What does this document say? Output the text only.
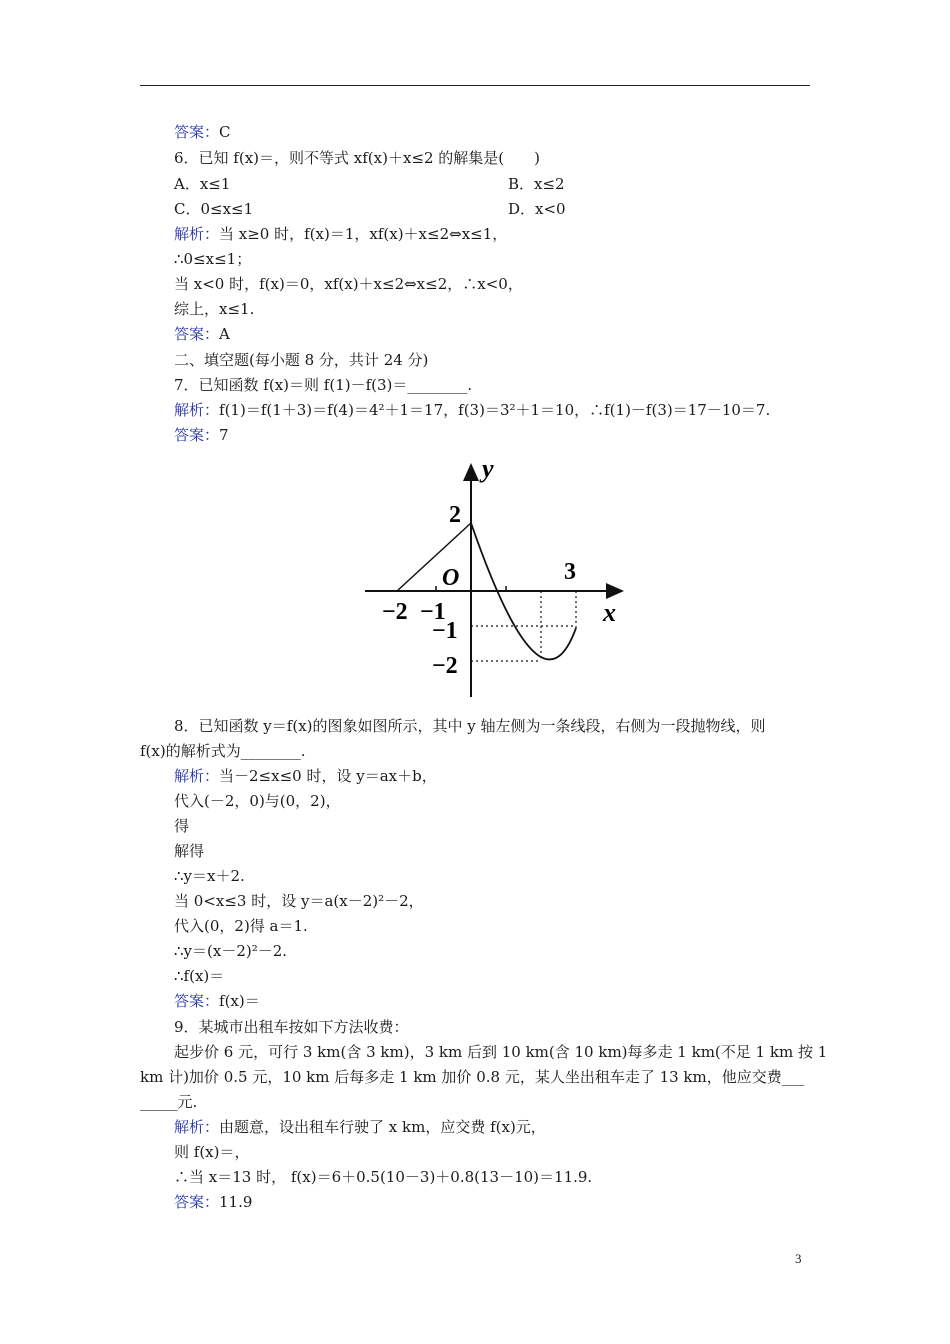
答案：C
6．已知 f(x)＝，则不等式 xf(x)＋x≤2 的解集是(　　)
A．x≤1	B．x≤2
C．0≤x≤1	D．x<0
解析：当 x≥0 时，f(x)＝1，xf(x)＋x≤2⇔x≤1，
∴0≤x≤1；
当 x<0 时，f(x)＝0，xf(x)＋x≤2⇔x≤2，∴x<0，
综上，x≤1.
答案：A
二、填空题(每小题 8 分，共计 24 分)
7．已知函数 f(x)＝则 f(1)－f(3)＝________.
解析：f(1)＝f(1＋3)＝f(4)＝4²＋1＝17，f(3)＝3²＋1＝10，∴f(1)－f(3)＝17－10＝7.
答案：7
y
x
O
2
3
−2 −1
−1
−2
8．已知函数 y＝f(x)的图象如图所示，其中 y 轴左侧为一条线段，右侧为一段抛物线，则
f(x)的解析式为________.
解析：当－2≤x≤0 时，设 y＝ax＋b，
代入(－2，0)与(0，2)，
得
解得
∴y＝x＋2.
当 0<x≤3 时，设 y＝a(x－2)²－2，
代入(0，2)得 a＝1.
∴y＝(x－2)²－2.
∴f(x)＝
答案：f(x)＝
9．某城市出租车按如下方法收费：
起步价 6 元，可行 3 km(含 3 km)，3 km 后到 10 km(含 10 km)每多走 1 km(不足 1 km 按 1
km 计)加价 0.5 元，10 km 后每多走 1 km 加价 0.8 元，某人坐出租车走了 13 km，他应交费___
_____元.
解析：由题意，设出租车行驶了 x km，应交费 f(x)元，
则 f(x)＝，
∴当 x＝13 时， f(x)＝6＋0.5(10－3)＋0.8(13－10)＝11.9.
答案：11.9
3
